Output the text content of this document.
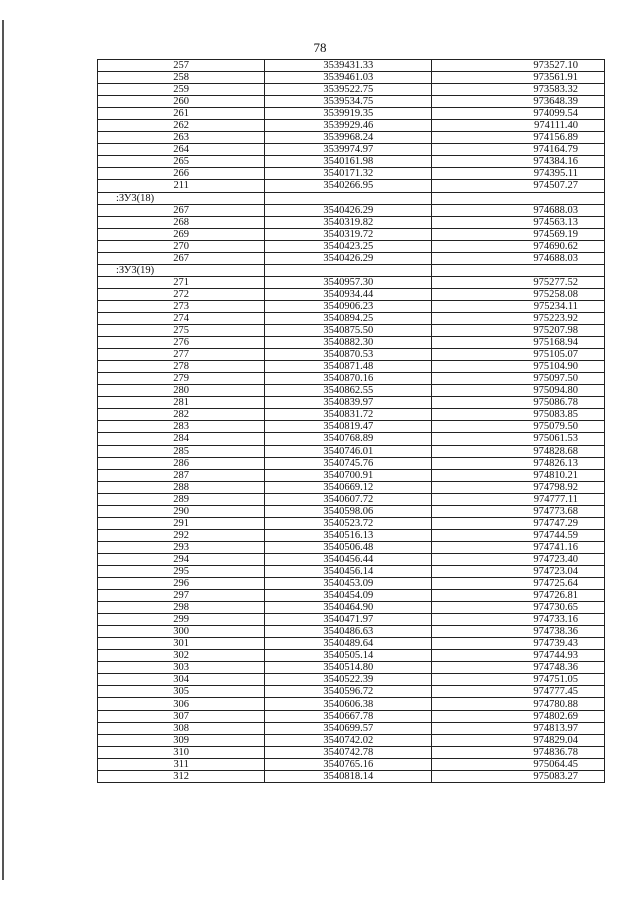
78
257	3539431.33	973527.10
258	3539461.03	973561.91
259	3539522.75	973583.32
260	3539534.75	973648.39
261	3539919.35	974099.54
262	3539929.46	974111.40
263	3539968.24	974156.89
264	3539974.97	974164.79
265	3540161.98	974384.16
266	3540171.32	974395.11
211	3540266.95	974507.27
:ЗУ3(18)		
267	3540426.29	974688.03
268	3540319.82	974563.13
269	3540319.72	974569.19
270	3540423.25	974690.62
267	3540426.29	974688.03
:ЗУ3(19)		
271	3540957.30	975277.52
272	3540934.44	975258.08
273	3540906.23	975234.11
274	3540894.25	975223.92
275	3540875.50	975207.98
276	3540882.30	975168.94
277	3540870.53	975105.07
278	3540871.48	975104.90
279	3540870.16	975097.50
280	3540862.55	975094.80
281	3540839.97	975086.78
282	3540831.72	975083.85
283	3540819.47	975079.50
284	3540768.89	975061.53
285	3540746.01	974828.68
286	3540745.76	974826.13
287	3540700.91	974810.21
288	3540669.12	974798.92
289	3540607.72	974777.11
290	3540598.06	974773.68
291	3540523.72	974747.29
292	3540516.13	974744.59
293	3540506.48	974741.16
294	3540456.44	974723.40
295	3540456.14	974723.04
296	3540453.09	974725.64
297	3540454.09	974726.81
298	3540464.90	974730.65
299	3540471.97	974733.16
300	3540486.63	974738.36
301	3540489.64	974739.43
302	3540505.14	974744.93
303	3540514.80	974748.36
304	3540522.39	974751.05
305	3540596.72	974777.45
306	3540606.38	974780.88
307	3540667.78	974802.69
308	3540699.57	974813.97
309	3540742.02	974829.04
310	3540742.78	974836.78
311	3540765.16	975064.45
312	3540818.14	975083.27
